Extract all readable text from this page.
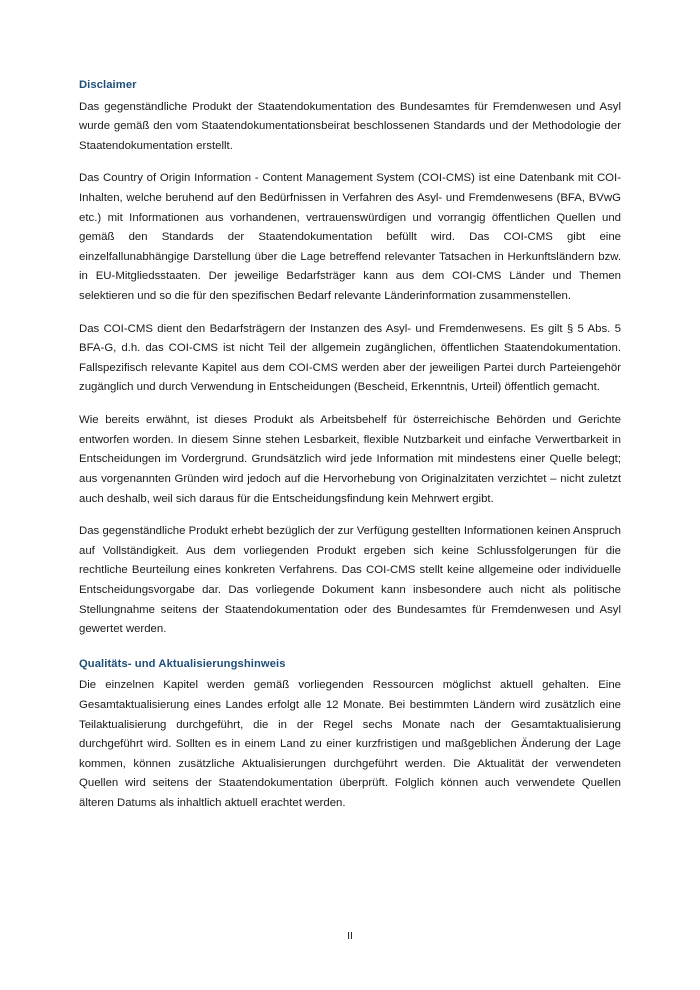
Disclaimer

Das gegenständliche Produkt der Staatendokumentation des Bundesamtes für Fremdenwesen und Asyl wurde gemäß den vom Staatendokumentationsbeirat beschlossenen Standards und der Methodologie der Staatendokumentation erstellt.

Das Country of Origin Information - Content Management System (COI-CMS) ist eine Datenbank mit COI-Inhalten, welche beruhend auf den Bedürfnissen in Verfahren des Asyl- und Fremdenwesens (BFA, BVwG etc.) mit Informationen aus vorhandenen, vertrauenswürdigen und vorrangig öffentlichen Quellen und gemäß den Standards der Staatendokumentation befüllt wird. Das COI-CMS gibt eine einzelfallunabhängige Darstellung über die Lage betreffend relevanter Tatsachen in Herkunftsländern bzw. in EU-Mitgliedsstaaten. Der jeweilige Bedarfsträger kann aus dem COI-CMS Länder und Themen selektieren und so die für den spezifischen Bedarf relevante Länderinformation zusammenstellen.

Das COI-CMS dient den Bedarfsträgern der Instanzen des Asyl- und Fremdenwesens. Es gilt § 5 Abs. 5 BFA-G, d.h. das COI-CMS ist nicht Teil der allgemein zugänglichen, öffentlichen Staatendokumentation. Fallspezifisch relevante Kapitel aus dem COI-CMS werden aber der jeweiligen Partei durch Parteiengehör zugänglich und durch Verwendung in Entscheidungen (Bescheid, Erkenntnis, Urteil) öffentlich gemacht.

Wie bereits erwähnt, ist dieses Produkt als Arbeitsbehelf für österreichische Behörden und Gerichte entworfen worden. In diesem Sinne stehen Lesbarkeit, flexible Nutzbarkeit und einfache Verwertbarkeit in Entscheidungen im Vordergrund. Grundsätzlich wird jede Information mit mindestens einer Quelle belegt; aus vorgenannten Gründen wird jedoch auf die Hervorhebung von Originalzitaten verzichtet – nicht zuletzt auch deshalb, weil sich daraus für die Entscheidungsfindung kein Mehrwert ergibt.

Das gegenständliche Produkt erhebt bezüglich der zur Verfügung gestellten Informationen keinen Anspruch auf Vollständigkeit. Aus dem vorliegenden Produkt ergeben sich keine Schlussfolgerungen für die rechtliche Beurteilung eines konkreten Verfahrens. Das COI-CMS stellt keine allgemeine oder individuelle Entscheidungsvorgabe dar. Das vorliegende Dokument kann insbesondere auch nicht als politische Stellungnahme seitens der Staatendokumentation oder des Bundesamtes für Fremdenwesen und Asyl gewertet werden.

Qualitäts- und Aktualisierungshinweis

Die einzelnen Kapitel werden gemäß vorliegenden Ressourcen möglichst aktuell gehalten. Eine Gesamtaktualisierung eines Landes erfolgt alle 12 Monate. Bei bestimmten Ländern wird zusätzlich eine Teilaktualisierung durchgeführt, die in der Regel sechs Monate nach der Gesamtaktualisierung durchgeführt wird. Sollten es in einem Land zu einer kurzfristigen und maßgeblichen Änderung der Lage kommen, können zusätzliche Aktualisierungen durchgeführt werden. Die Aktualität der verwendeten Quellen wird seitens der Staatendokumentation überprüft. Folglich können auch verwendete Quellen älteren Datums als inhaltlich aktuell erachtet werden.

II
